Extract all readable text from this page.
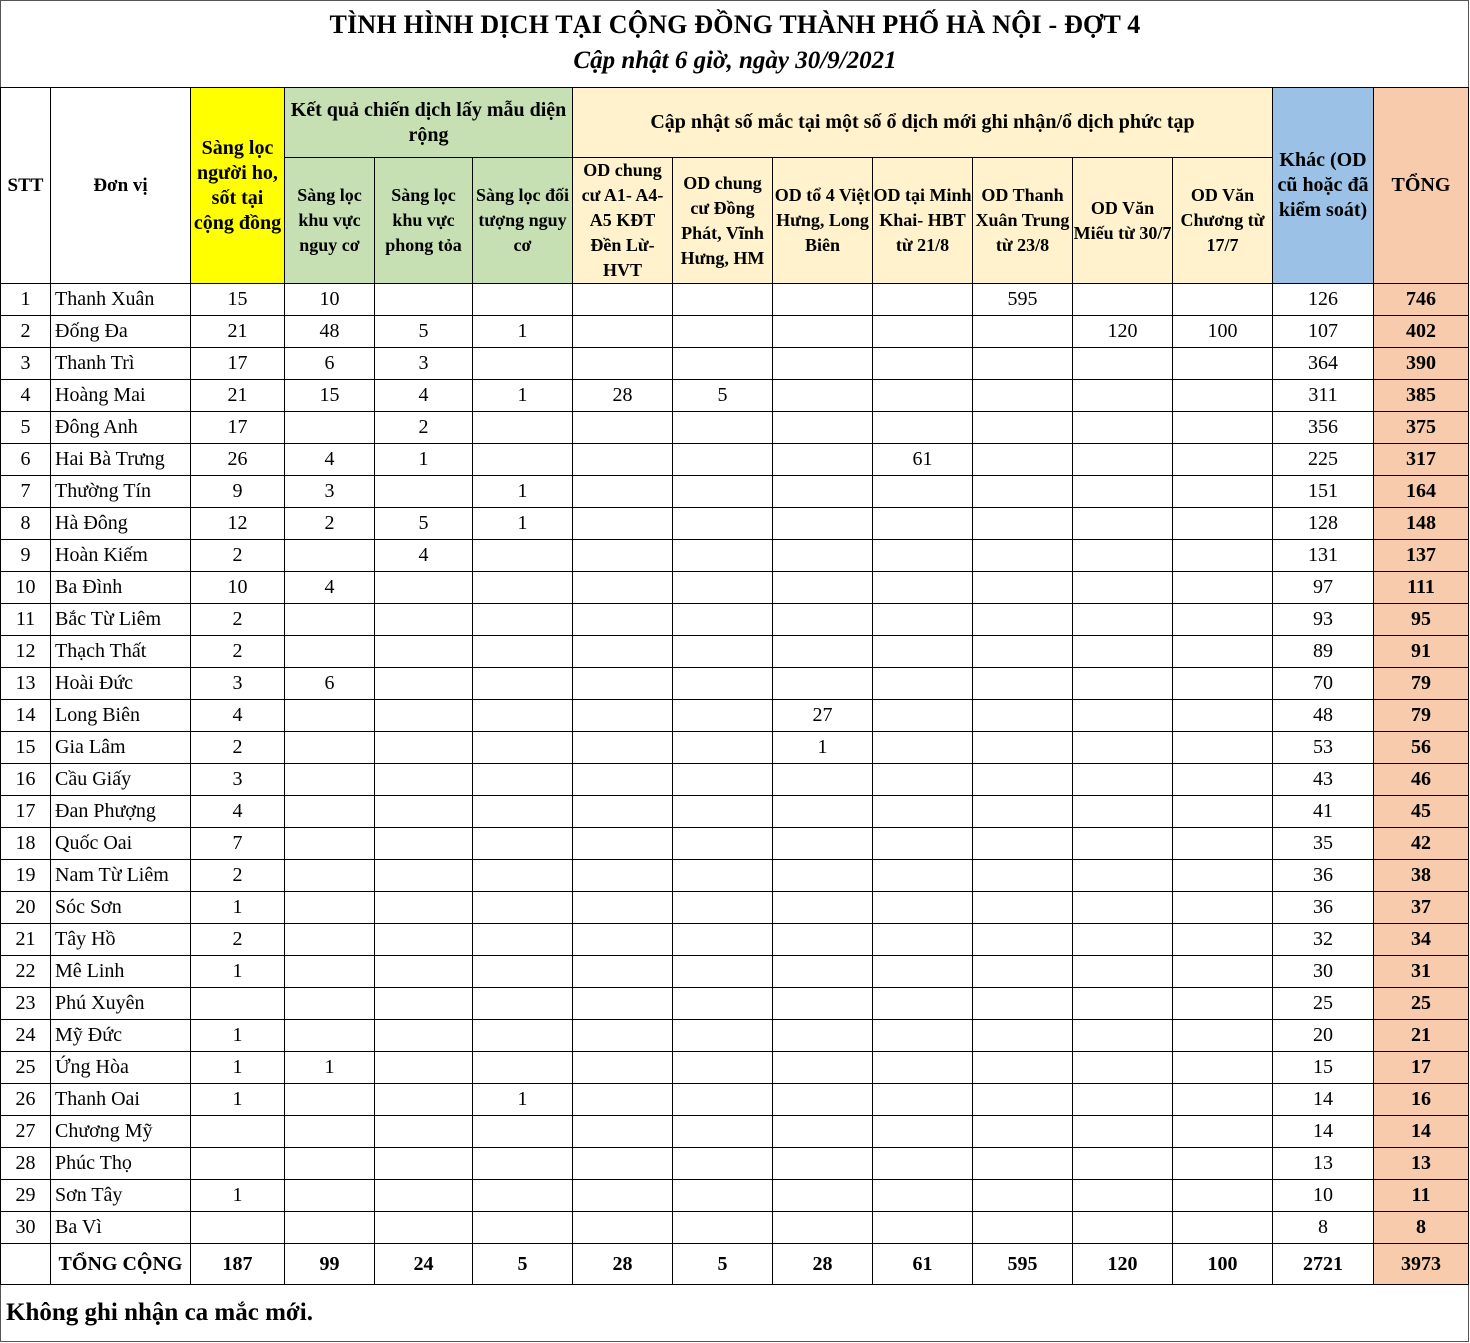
TÌNH HÌNH DỊCH TẠI CỘNG ĐỒNG THÀNH PHỐ HÀ NỘI - ĐỢT 4
Cập nhật 6 giờ, ngày 30/9/2021
STT	Đơn vị	Sàng lọc người ho, sốt tại cộng đồng	Kết quả chiến dịch lấy mẫu diện rộng			Cập nhật số mắc tại một số ổ dịch mới ghi nhận/ổ dịch phức tạp							Khác (OD cũ hoặc đã kiểm soát)	TỔNG
			Sàng lọc khu vực nguy cơ	Sàng lọc khu vực phong tỏa	Sàng lọc đối tượng nguy cơ	OD chung cư A1- A4- A5 KĐT Đền Lừ- HVT	OD chung cư Đồng Phát, Vĩnh Hưng, HM	OD tổ 4 Việt Hưng, Long Biên	OD tại Minh Khai- HBT từ 21/8	OD Thanh Xuân Trung từ 23/8	OD Văn Miếu từ 30/7	OD Văn Chương từ 17/7		
1	Thanh Xuân	15	10							595			126	746
2	Đống Đa	21	48	5	1						120	100	107	402
3	Thanh Trì	17	6	3									364	390
4	Hoàng Mai	21	15	4	1	28	5						311	385
5	Đông Anh	17		2									356	375
6	Hai Bà Trưng	26	4	1					61				225	317
7	Thường Tín	9	3		1								151	164
8	Hà Đông	12	2	5	1								128	148
9	Hoàn Kiếm	2		4									131	137
10	Ba Đình	10	4										97	111
11	Bắc Từ Liêm	2											93	95
12	Thạch Thất	2											89	91
13	Hoài Đức	3	6										70	79
14	Long Biên	4						27					48	79
15	Gia Lâm	2						1					53	56
16	Cầu Giấy	3											43	46
17	Đan Phượng	4											41	45
18	Quốc Oai	7											35	42
19	Nam Từ Liêm	2											36	38
20	Sóc Sơn	1											36	37
21	Tây Hồ	2											32	34
22	Mê Linh	1											30	31
23	Phú Xuyên												25	25
24	Mỹ Đức	1											20	21
25	Ứng Hòa	1	1										15	17
26	Thanh Oai	1			1								14	16
27	Chương Mỹ												14	14
28	Phúc Thọ												13	13
29	Sơn Tây	1											10	11
30	Ba Vì												8	8
	TỔNG CỘNG	187	99	24	5	28	5	28	61	595	120	100	2721	3973
Không ghi nhận ca mắc mới.
